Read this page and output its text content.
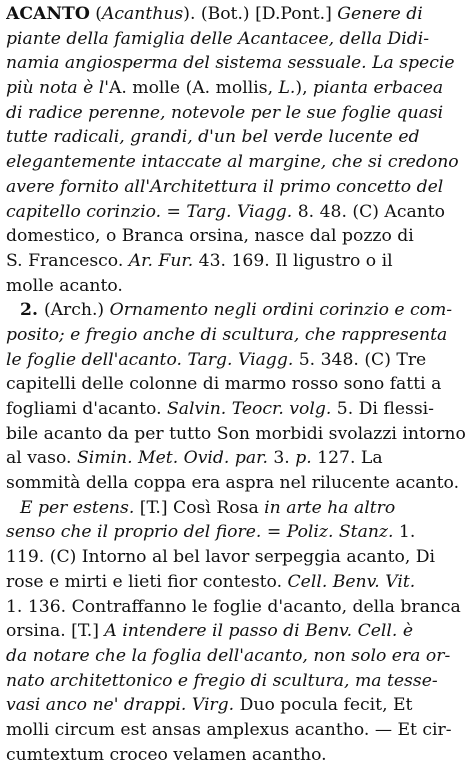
ACANTO (Acanthus). (Bot.) [D.Pont.] Genere di
piante della famiglia delle Acantacee, della Didi-
namia angiosperma del sistema sessuale. La specie
più nota è l'A. molle (A. mollis, L.), pianta erbacea
di radice perenne, notevole per le sue foglie quasi
tutte radicali, grandi, d'un bel verde lucente ed
elegantemente intaccate al margine, che si credono
avere fornito all'Architettura il primo concetto del
capitello corinzio. = Targ. Viagg. 8. 48. (C) Acanto
domestico, o Branca orsina, nasce dal pozzo di
S. Francesco. Ar. Fur. 43. 169. Il ligustro o il
molle acanto.
2. (Arch.) Ornamento negli ordini corinzio e com-
posito; e fregio anche di scultura, che rappresenta
le foglie dell'acanto. Targ. Viagg. 5. 348. (C) Tre
capitelli delle colonne di marmo rosso sono fatti a
fogliami d'acanto. Salvin. Teocr. volg. 5. Di flessi-
bile acanto da per tutto Son morbidi svolazzi intorno
al vaso. Simin. Met. Ovid. par. 3. p. 127. La
sommità della coppa era aspra nel rilucente acanto.
E per estens. [T.] Così Rosa in arte ha altro
senso che il proprio del fiore. = Poliz. Stanz. 1.
119. (C) Intorno al bel lavor serpeggia acanto, Di
rose e mirti e lieti fior contesto. Cell. Benv. Vit.
1. 136. Contraffanno le foglie d'acanto, della branca
orsina. [T.] A intendere il passo di Benv. Cell. è
da notare che la foglia dell'acanto, non solo era or-
nato architettonico e fregio di scultura, ma tesse-
vasi anco ne' drappi. Virg. Duo pocula fecit, Et
molli circum est ansas amplexus acantho. — Et cir-
cumtextum croceo velamen acantho.
